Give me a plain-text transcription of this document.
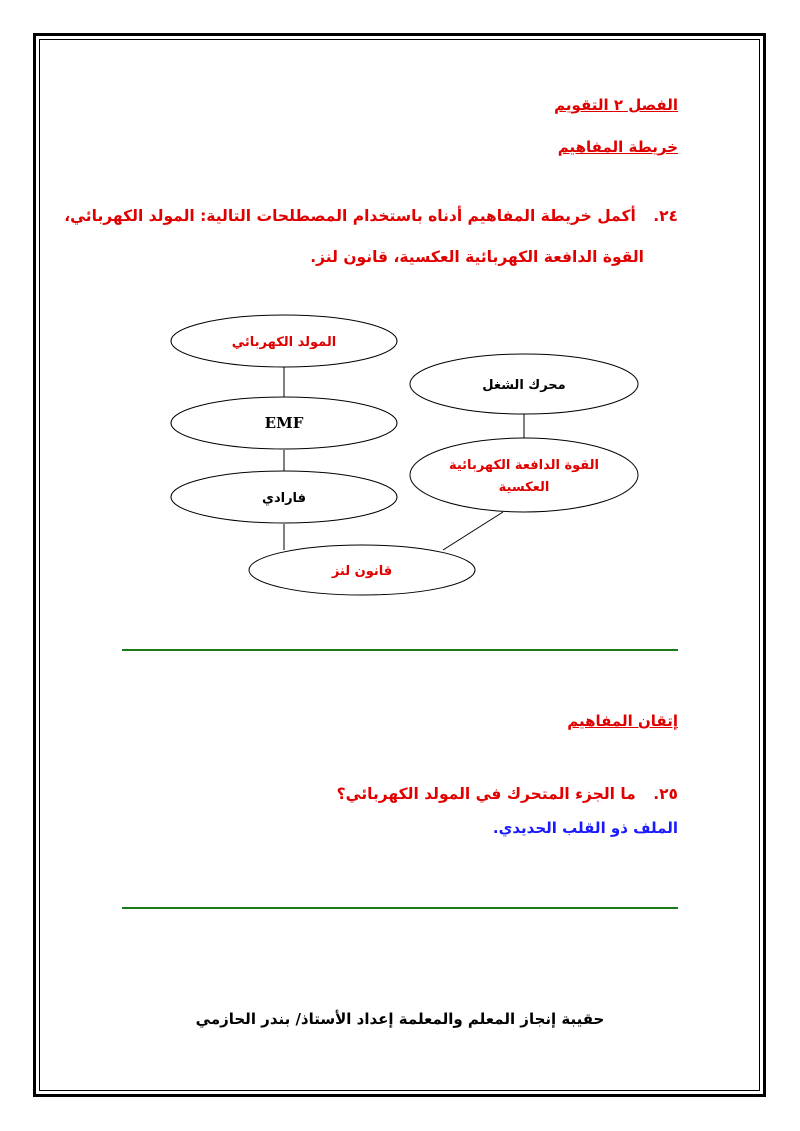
الفصل ٢ التقويم
خريطة المفاهيم
٢٤. أكمل خريطة المفاهيم أدناه باستخدام المصطلحات التالية: المولد الكهربائي،
القوة الدافعة الكهربائية العكسية، قانون لنز.
المولد الكهربائي
EMF
فارادي
قانون لنز
محرك الشغل
القوة الدافعة الكهربائية
العكسية
إتقان المفاهيم
٢٥. ما الجزء المتحرك في المولد الكهربائي؟
الملف ذو القلب الحديدي.
حقيبة إنجاز المعلم والمعلمة إعداد الأستاذ/ بندر الحازمي
